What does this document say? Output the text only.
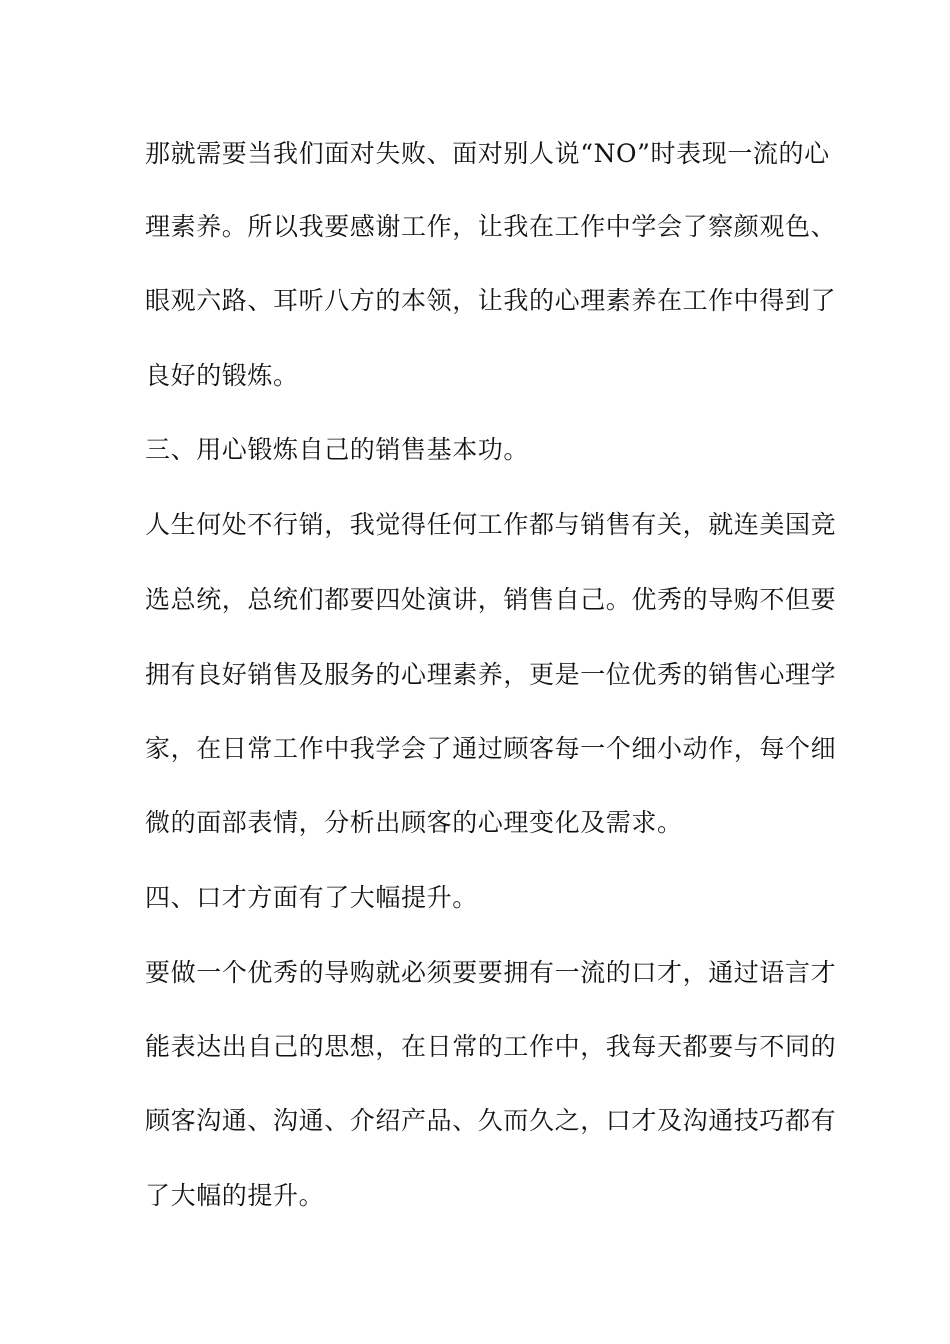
那就需要当我们面对失败、面对别人说“NO”时表现一流的心
理素养。所以我要感谢工作，让我在工作中学会了察颜观色、
眼观六路、耳听八方的本领，让我的心理素养在工作中得到了
良好的锻炼。
三、用心锻炼自己的销售基本功。
人生何处不行销，我觉得任何工作都与销售有关，就连美国竞
选总统，总统们都要四处演讲，销售自己。优秀的导购不但要
拥有良好销售及服务的心理素养，更是一位优秀的销售心理学
家，在日常工作中我学会了通过顾客每一个细小动作，每个细
微的面部表情，分析出顾客的心理变化及需求。
四、口才方面有了大幅提升。
要做一个优秀的导购就必须要要拥有一流的口才，通过语言才
能表达出自己的思想，在日常的工作中，我每天都要与不同的
顾客沟通、沟通、介绍产品、久而久之，口才及沟通技巧都有
了大幅的提升。
